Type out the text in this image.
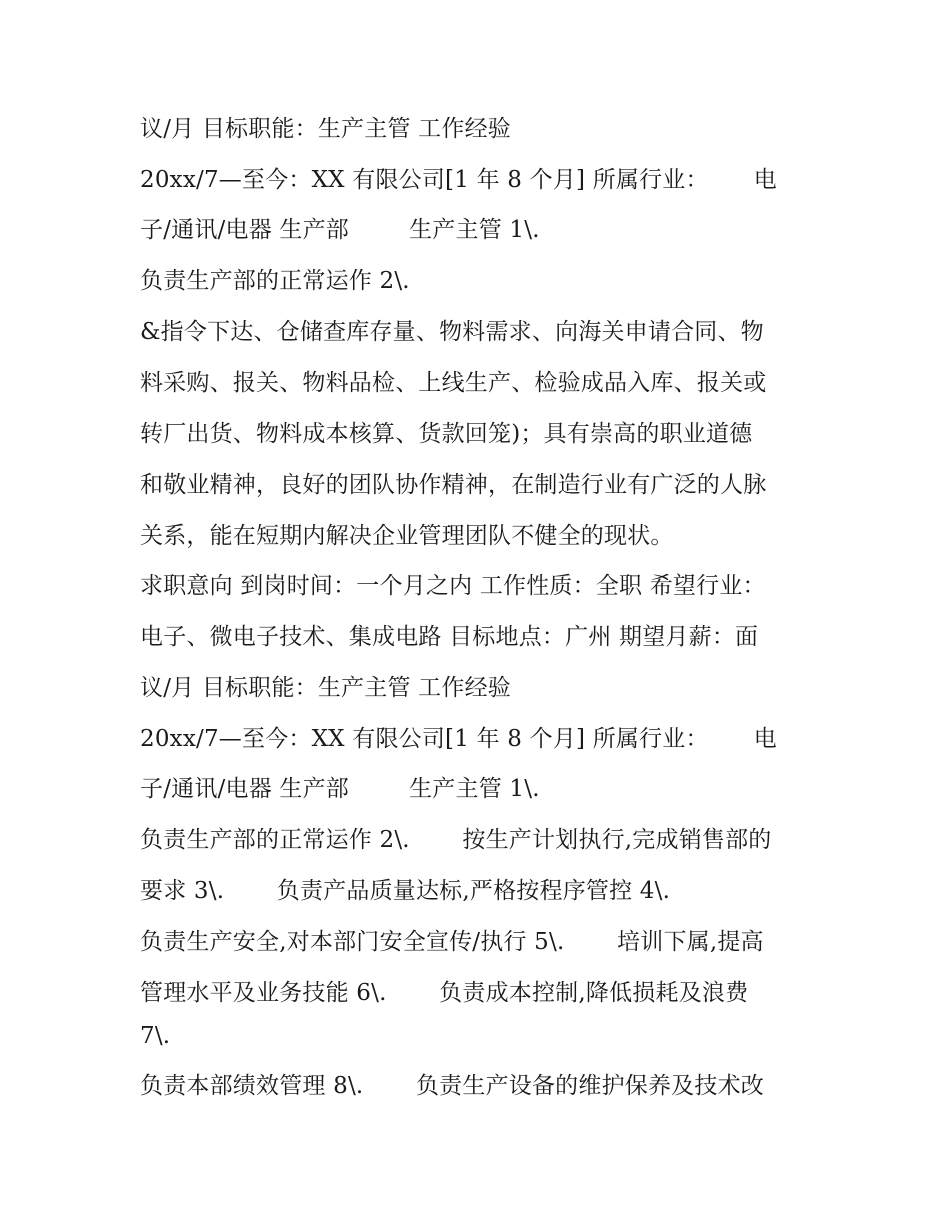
议/月 目标职能：生产主管 工作经验
20xx/7—至今：XX 有限公司[1 年 8 个月] 所属行业：      电
子/通讯/电器 生产部        生产主管 1\.
负责生产部的正常运作 2\.
&指令下达、仓储查库存量、物料需求、向海关申请合同、物
料采购、报关、物料品检、上线生产、检验成品入库、报关或
转厂出货、物料成本核算、货款回笼)；具有崇高的职业道德
和敬业精神，良好的团队协作精神，在制造行业有广泛的人脉
关系，能在短期内解决企业管理团队不健全的现状。
求职意向 到岗时间：一个月之内 工作性质：全职 希望行业：
电子、微电子技术、集成电路 目标地点：广州 期望月薪：面
议/月 目标职能：生产主管 工作经验
20xx/7—至今：XX 有限公司[1 年 8 个月] 所属行业：      电
子/通讯/电器 生产部        生产主管 1\.
负责生产部的正常运作 2\.       按生产计划执行,完成销售部的
要求 3\.       负责产品质量达标,严格按程序管控 4\.
负责生产安全,对本部门安全宣传/执行 5\.       培训下属,提高
管理水平及业务技能 6\.       负责成本控制,降低损耗及浪费
7\.
负责本部绩效管理 8\.       负责生产设备的维护保养及技术改
